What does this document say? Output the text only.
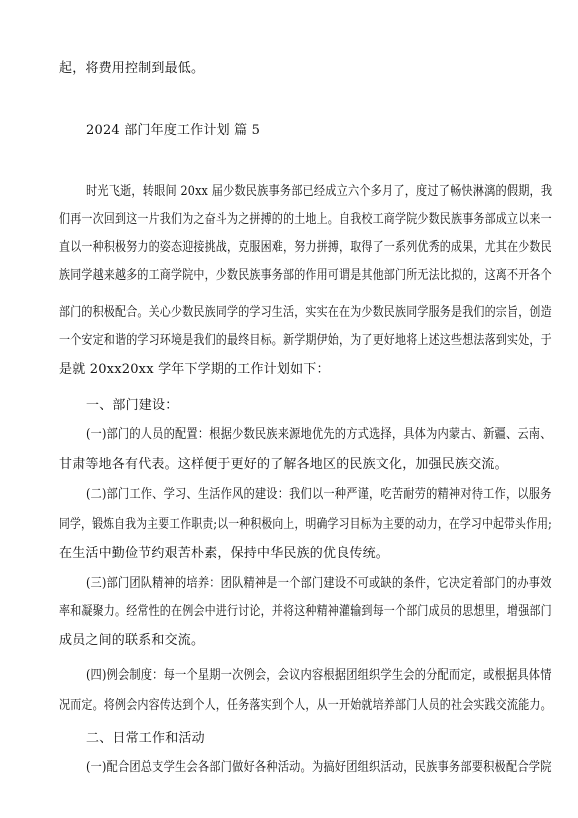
起，将费用控制到最低。
2024 部门年度工作计划 篇 5
时光飞逝，转眼间 20xx 届少数民族事务部已经成立六个多月了，度过了畅快淋漓的假期，我
们再一次回到这一片我们为之奋斗为之拼搏的的土地上。自我校工商学院少数民族事务部成立以来一
直以一种积极努力的姿态迎接挑战，克服困难，努力拼搏，取得了一系列优秀的成果，尤其在少数民
族同学越来越多的工商学院中，少数民族事务部的作用可谓是其他部门所无法比拟的，这离不开各个
部门的积极配合。关心少数民族同学的学习生活，实实在在为少数民族同学服务是我们的宗旨，创造
一个安定和谐的学习环境是我们的最终目标。新学期伊始，为了更好地将上述这些想法落到实处，于
是就 20xx20xx 学年下学期的工作计划如下：
一、部门建设：
(一)部门的人员的配置：根据少数民族来源地优先的方式选择，具体为内蒙古、新疆、云南、
甘肃等地各有代表。这样便于更好的了解各地区的民族文化，加强民族交流。
(二)部门工作、学习、生活作风的建设：我们以一种严谨，吃苦耐劳的精神对待工作，以服务
同学，锻炼自我为主要工作职责;以一种积极向上，明确学习目标为主要的动力，在学习中起带头作用;
在生活中勤俭节约艰苦朴素，保持中华民族的优良传统。
(三)部门团队精神的培养：团队精神是一个部门建设不可或缺的条件，它决定着部门的办事效
率和凝聚力。经常性的在例会中进行讨论，并将这种精神灌输到每一个部门成员的思想里，增强部门
成员之间的联系和交流。
(四)例会制度：每一个星期一次例会，会议内容根据团组织学生会的分配而定，或根据具体情
况而定。将例会内容传达到个人，任务落实到个人，从一开始就培养部门人员的社会实践交流能力。
二、日常工作和活动
(一)配合团总支学生会各部门做好各种活动。为搞好团组织活动，民族事务部要积极配合学院
